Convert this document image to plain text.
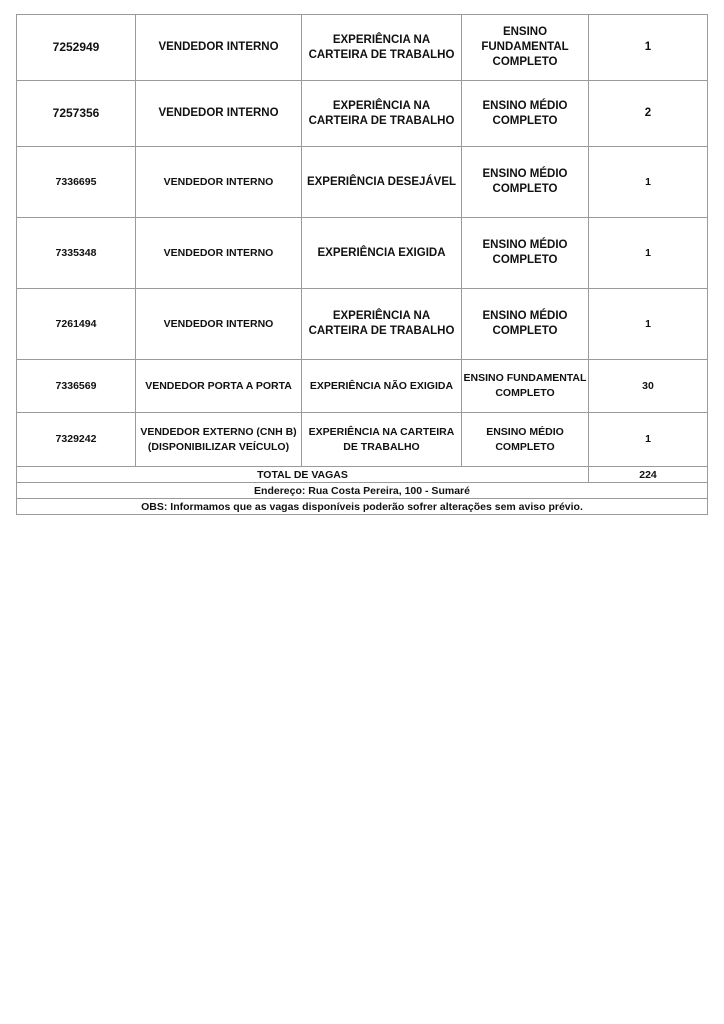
7252949	VENDEDOR INTERNO	EXPERIÊNCIA NA CARTEIRA DE TRABALHO	ENSINO FUNDAMENTAL COMPLETO	1
7257356	VENDEDOR INTERNO	EXPERIÊNCIA NA CARTEIRA DE TRABALHO	ENSINO MÉDIO COMPLETO	2
7336695	VENDEDOR INTERNO	EXPERIÊNCIA DESEJÁVEL	ENSINO MÉDIO COMPLETO	1
7335348	VENDEDOR INTERNO	EXPERIÊNCIA EXIGIDA	ENSINO MÉDIO COMPLETO	1
7261494	VENDEDOR INTERNO	EXPERIÊNCIA NA CARTEIRA DE TRABALHO	ENSINO MÉDIO COMPLETO	1
7336569	VENDEDOR PORTA A PORTA	EXPERIÊNCIA NÃO EXIGIDA	ENSINO FUNDAMENTAL COMPLETO	30
7329242	VENDEDOR EXTERNO (CNH B) (DISPONIBILIZAR VEÍCULO)	EXPERIÊNCIA NA CARTEIRA DE TRABALHO	ENSINO MÉDIO COMPLETO	1
TOTAL DE VAGAS				224
Endereço: Rua Costa Pereira, 100 - Sumaré				
OBS: Informamos que as vagas disponíveis poderão sofrer alterações sem aviso prévio.				
